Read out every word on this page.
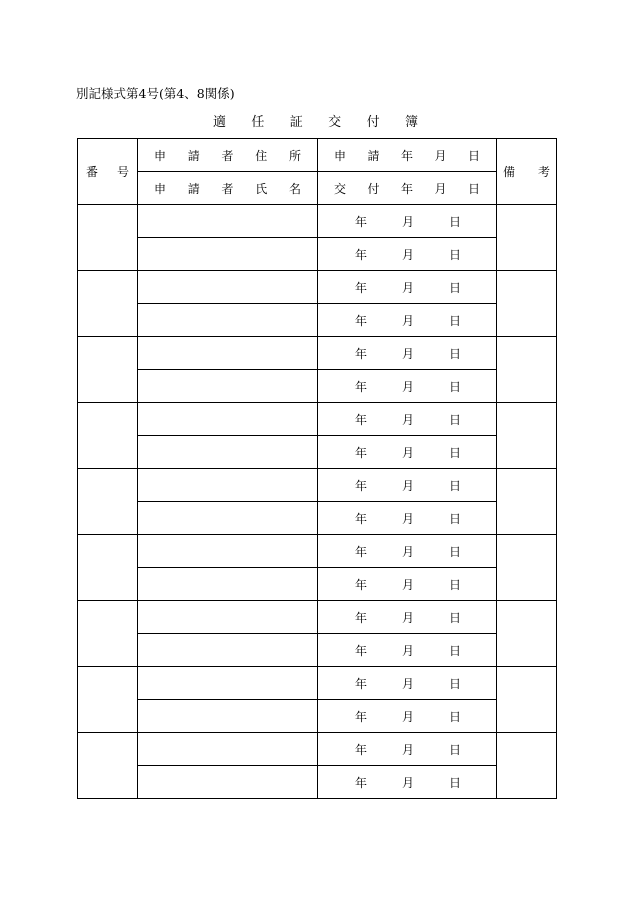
別記様式第4号(第4、8関係)
適 任 証 交 付 簿
番 号	申 請 者 住 所	申 請 年 月 日	備 考

	申 請 者 氏 名	交 付 年 月 日	

		年 月 日	

		年 月 日	

		年 月 日	

		年 月 日	

		年 月 日	

		年 月 日	

		年 月 日	

		年 月 日	

		年 月 日	

		年 月 日	

		年 月 日	

		年 月 日	

		年 月 日	

		年 月 日	

		年 月 日	

		年 月 日	

		年 月 日	

		年 月 日	
